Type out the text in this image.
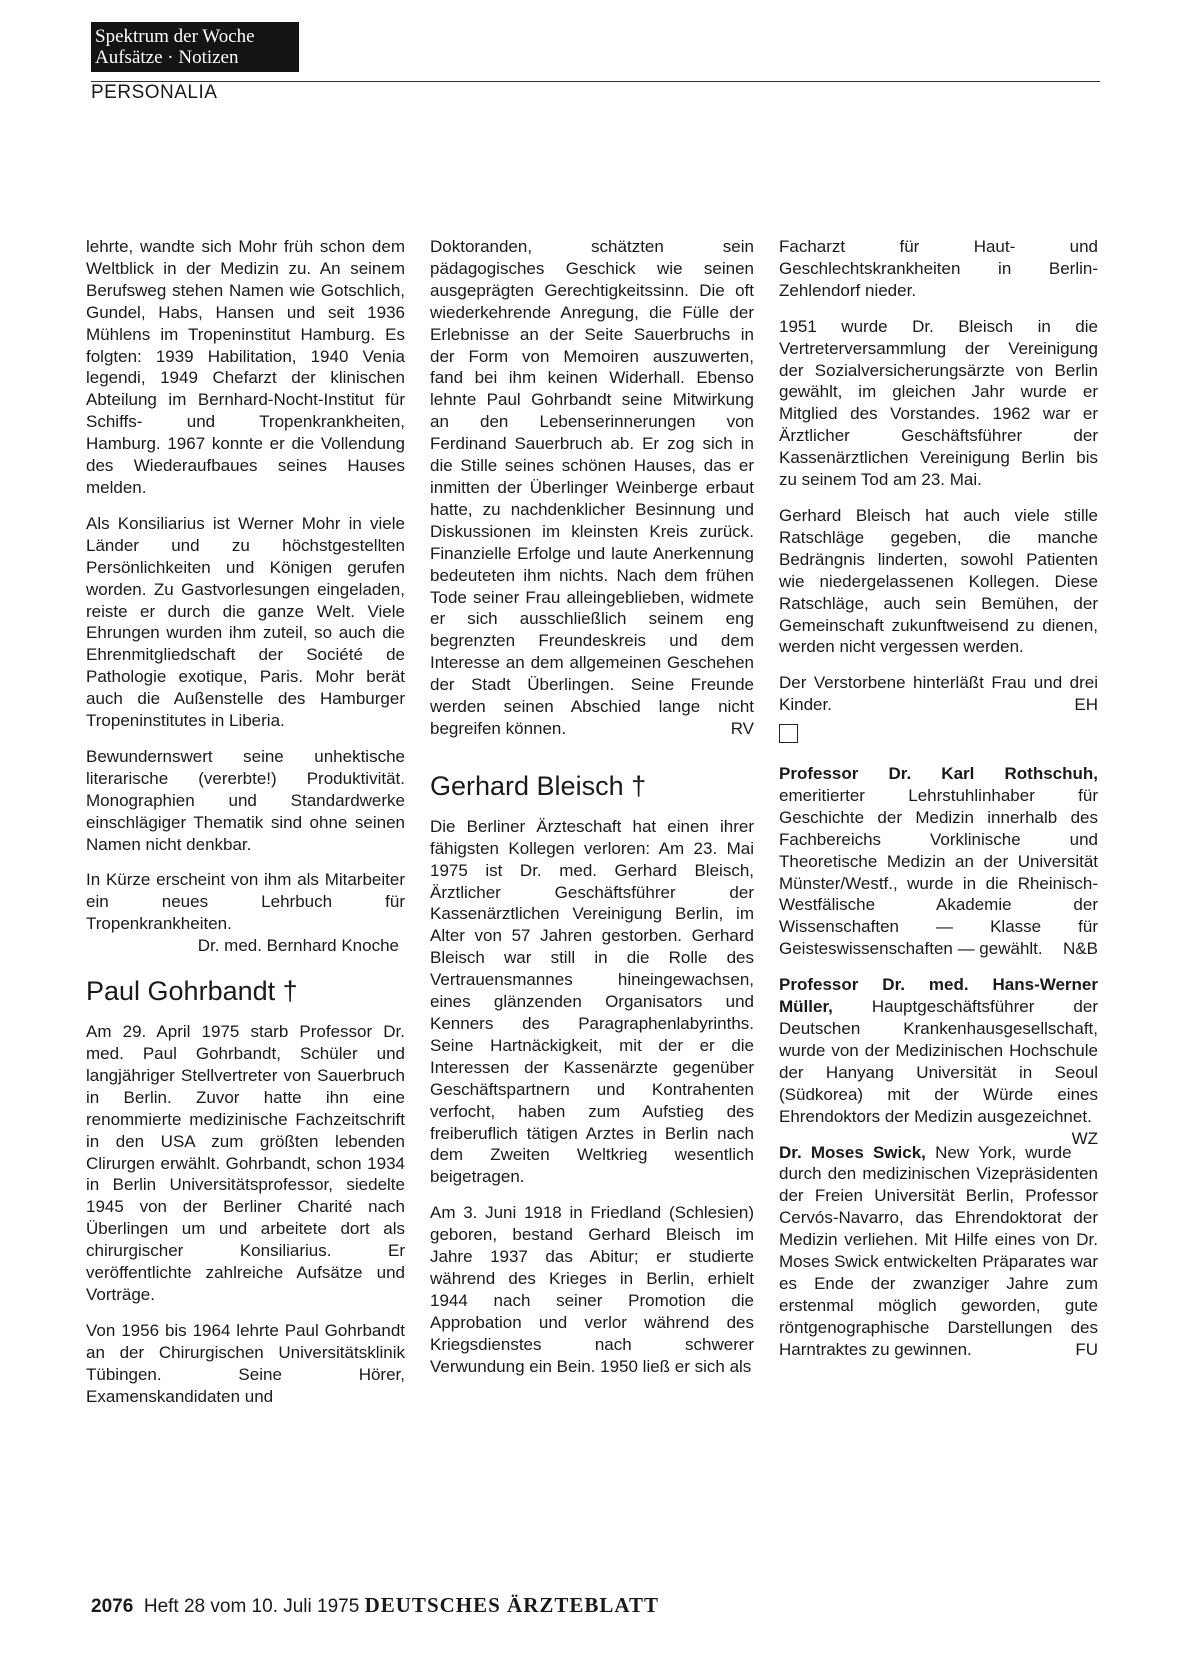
Spektrum der Woche
Aufsätze · Notizen
PERSONALIA

lehrte, wandte sich Mohr früh schon dem Weltblick in der Medizin zu. An seinem Berufsweg stehen Namen wie Gotschlich, Gundel, Habs, Hansen und seit 1936 Mühlens im Tropeninstitut Hamburg. Es folgten: 1939 Habilitation, 1940 Venia legendi, 1949 Chefarzt der klinischen Abteilung im Bernhard-Nocht-Institut für Schiffs- und Tropenkrankheiten, Hamburg. 1967 konnte er die Vollendung des Wiederaufbaues seines Hauses melden.

Als Konsiliarius ist Werner Mohr in viele Länder und zu höchstgestellten Persönlichkeiten und Königen gerufen worden. Zu Gastvorlesungen eingeladen, reiste er durch die ganze Welt. Viele Ehrungen wurden ihm zuteil, so auch die Ehrenmitgliedschaft der Société de Pathologie exotique, Paris. Mohr berät auch die Außenstelle des Hamburger Tropeninstitutes in Liberia.

Bewundernswert seine unhektische literarische (vererbte!) Produktivität. Monographien und Standardwerke einschlägiger Thematik sind ohne seinen Namen nicht denkbar.

In Kürze erscheint von ihm als Mitarbeiter ein neues Lehrbuch für Tropenkrankheiten.

Dr. med. Bernhard Knoche
Paul Gohrbandt †

Am 29. April 1975 starb Professor Dr. med. Paul Gohrbandt, Schüler und langjähriger Stellvertreter von Sauerbruch in Berlin. Zuvor hatte ihn eine renommierte medizinische Fachzeitschrift in den USA zum größten lebenden Clirurgen erwählt. Gohrbandt, schon 1934 in Berlin Universitätsprofessor, siedelte 1945 von der Berliner Charité nach Überlingen um und arbeitete dort als chirurgischer Konsiliarius. Er veröffentlichte zahlreiche Aufsätze und Vorträge.

Von 1956 bis 1964 lehrte Paul Gohrbandt an der Chirurgischen Universitätsklinik Tübingen. Seine Hörer, Examenskandidaten und

Doktoranden, schätzten sein pädagogisches Geschick wie seinen ausgeprägten Gerechtigkeitssinn. Die oft wiederkehrende Anregung, die Fülle der Erlebnisse an der Seite Sauerbruchs in der Form von Memoiren auszuwerten, fand bei ihm keinen Widerhall. Ebenso lehnte Paul Gohrbandt seine Mitwirkung an den Lebenserinnerungen von Ferdinand Sauerbruch ab. Er zog sich in die Stille seines schönen Hauses, das er inmitten der Überlinger Weinberge erbaut hatte, zu nachdenklicher Besinnung und Diskussionen im kleinsten Kreis zurück. Finanzielle Erfolge und laute Anerkennung bedeuteten ihm nichts. Nach dem frühen Tode seiner Frau alleingeblieben, widmete er sich ausschließlich seinem eng begrenzten Freundeskreis und dem Interesse an dem allgemeinen Geschehen der Stadt Überlingen. Seine Freunde werden seinen Abschied lange nicht begreifen können.	RV

Gerhard Bleisch †

Die Berliner Ärzteschaft hat einen ihrer fähigsten Kollegen verloren: Am 23. Mai 1975 ist Dr. med. Gerhard Bleisch, Ärztlicher Geschäftsführer der Kassenärztlichen Vereinigung Berlin, im Alter von 57 Jahren gestorben. Gerhard Bleisch war still in die Rolle des Vertrauensmannes hineingewachsen, eines glänzenden Organisators und Kenners des Paragraphenlabyrinths. Seine Hartnäckigkeit, mit der er die Interessen der Kassenärzte gegenüber Geschäftspartnern und Kontrahenten verfocht, haben zum Aufstieg des freiberuflich tätigen Arztes in Berlin nach dem Zweiten Weltkrieg wesentlich beigetragen.

Am 3. Juni 1918 in Friedland (Schlesien) geboren, bestand Gerhard Bleisch im Jahre 1937 das Abitur; er studierte während des Krieges in Berlin, erhielt 1944 nach seiner Promotion die Approbation und verlor während des Kriegsdienstes nach schwerer Verwundung ein Bein. 1950 ließ er sich als

Facharzt für Haut- und Geschlechtskrankheiten in Berlin-Zehlendorf nieder.

1951 wurde Dr. Bleisch in die Vertreterversammlung der Vereinigung der Sozialversicherungsärzte von Berlin gewählt, im gleichen Jahr wurde er Mitglied des Vorstandes. 1962 war er Ärztlicher Geschäftsführer der Kassenärztlichen Vereinigung Berlin bis zu seinem Tod am 23. Mai.

Gerhard Bleisch hat auch viele stille Ratschläge gegeben, die manche Bedrängnis linderten, sowohl Patienten wie niedergelassenen Kollegen. Diese Ratschläge, auch sein Bemühen, der Gemeinschaft zukunftweisend zu dienen, werden nicht vergessen werden.

Der Verstorbene hinterläßt Frau und drei Kinder.	EH

Professor Dr. Karl Rothschuh, emeritierter Lehrstuhlinhaber für Geschichte der Medizin innerhalb des Fachbereichs Vorklinische und Theoretische Medizin an der Universität Münster/Westf., wurde in die Rheinisch-Westfälische Akademie der Wissenschaften — Klasse für Geisteswissenschaften — gewählt. N&B

Professor Dr. med. Hans-Werner Müller, Hauptgeschäftsführer der Deutschen Krankenhausgesellschaft, wurde von der Medizinischen Hochschule der Hanyang Universität in Seoul (Südkorea) mit der Würde eines Ehrendoktors der Medizin ausgezeichnet.
WZ

Dr. Moses Swick, New York, wurde durch den medizinischen Vizepräsidenten der Freien Universität Berlin, Professor Cervós-Navarro, das Ehrendoktorat der Medizin verliehen. Mit Hilfe eines von Dr. Moses Swick entwickelten Präparates war es Ende der zwanziger Jahre zum erstenmal möglich geworden, gute röntgenographische Darstellungen des Harntraktes zu gewinnen.	FU

2076 Heft 28 vom 10. Juli 1975 DEUTSCHES ÄRZTEBLATT
